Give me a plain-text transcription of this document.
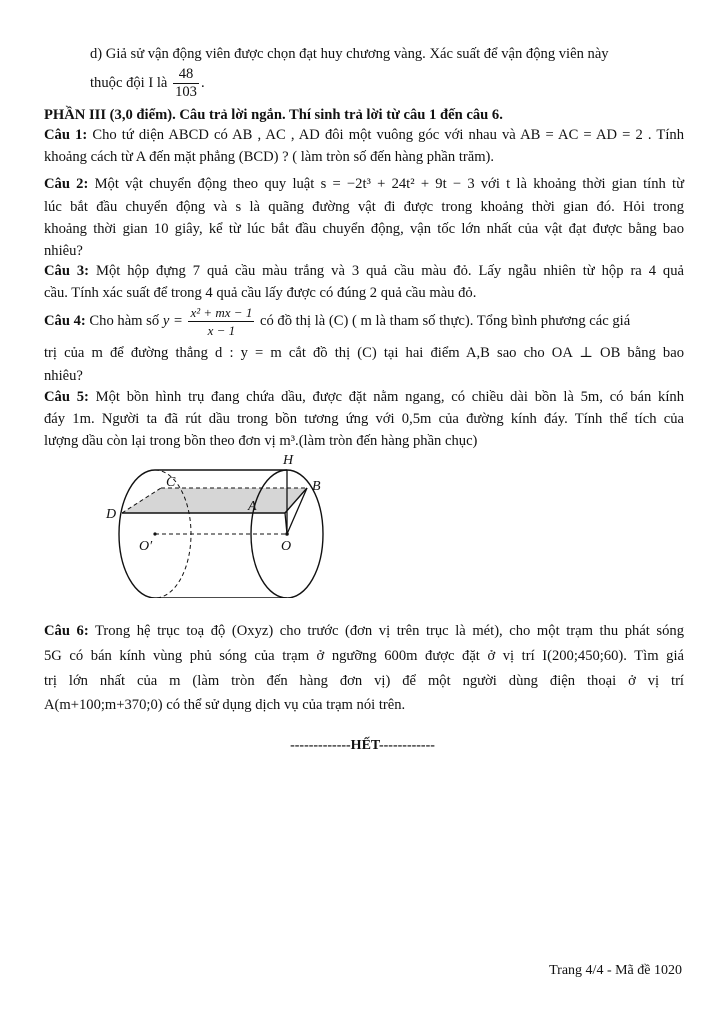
d) Giả sử vận động viên được chọn đạt huy chương vàng. Xác suất để vận động viên này
thuộc đội I là $\frac{48}{103}$ .
PHẦN III (3,0 điểm). Câu trả lời ngắn. Thí sinh trả lời từ câu 1 đến câu 6.
Câu 1: Cho tứ diện ABCD có AB , AC , AD đôi một vuông góc với nhau và AB = AC = AD = 2 . Tính
khoảng cách từ A đến mặt phẳng (BCD) ? ( làm tròn số đến hàng phần trăm).
Câu 2: Một vật chuyển động theo quy luật s = −2t³ + 24t² + 9t − 3 với t là khoảng thời gian tính từ
lúc bắt đầu chuyển động và s là quãng đường vật đi được trong khoảng thời gian đó. Hỏi trong
khoảng thời gian 10 giây, kể từ lúc bắt đầu chuyển động, vận tốc lớn nhất của vật đạt được bằng bao
nhiêu?
Câu 3: Một hộp đựng 7 quả cầu màu trắng và 3 quả cầu màu đỏ. Lấy ngẫu nhiên từ hộp ra 4 quả
cầu. Tính xác suất để trong 4 quả cầu lấy được có đúng 2 quả cầu màu đỏ.
Câu 4: Cho hàm số $y = \frac{\text{x² + mx − 1}}{x - 1}$ có đồ thị là (C) ( m là tham số thực). Tổng bình phương các giá
trị của m để đường thẳng d : y = m cắt đồ thị (C) tại hai điểm A,B sao cho OA ⊥ OB bằng bao
nhiêu?
Câu 5: Một bồn hình trụ đang chứa dầu, được đặt nằm ngang, có chiều dài bồn là 5m, có bán kính
đáy 1m. Người ta đã rút dầu trong bồn tương ứng với 0,5m của đường kính đáy. Tính thể tích của
lượng dầu còn lại trong bồn theo đơn vị m³.(làm tròn đến hàng phần chục)
H
B
C
A
D
O′	O
Câu 6: Trong hệ trục toạ độ (Oxyz) cho trước (đơn vị trên trục là mét), cho một trạm thu phát sóng
5G có bán kính vùng phủ sóng của trạm ở ngưỡng 600m được đặt ở vị trí I(200;450;60). Tìm giá
trị lớn nhất của m (làm tròn đến hàng đơn vị) để một người dùng điện thoại ở vị trí
A(m+100;m+370;0) có thể sử dụng dịch vụ của trạm nói trên.
-------------HẾT------------
Trang 4/4 - Mã đề 1020
